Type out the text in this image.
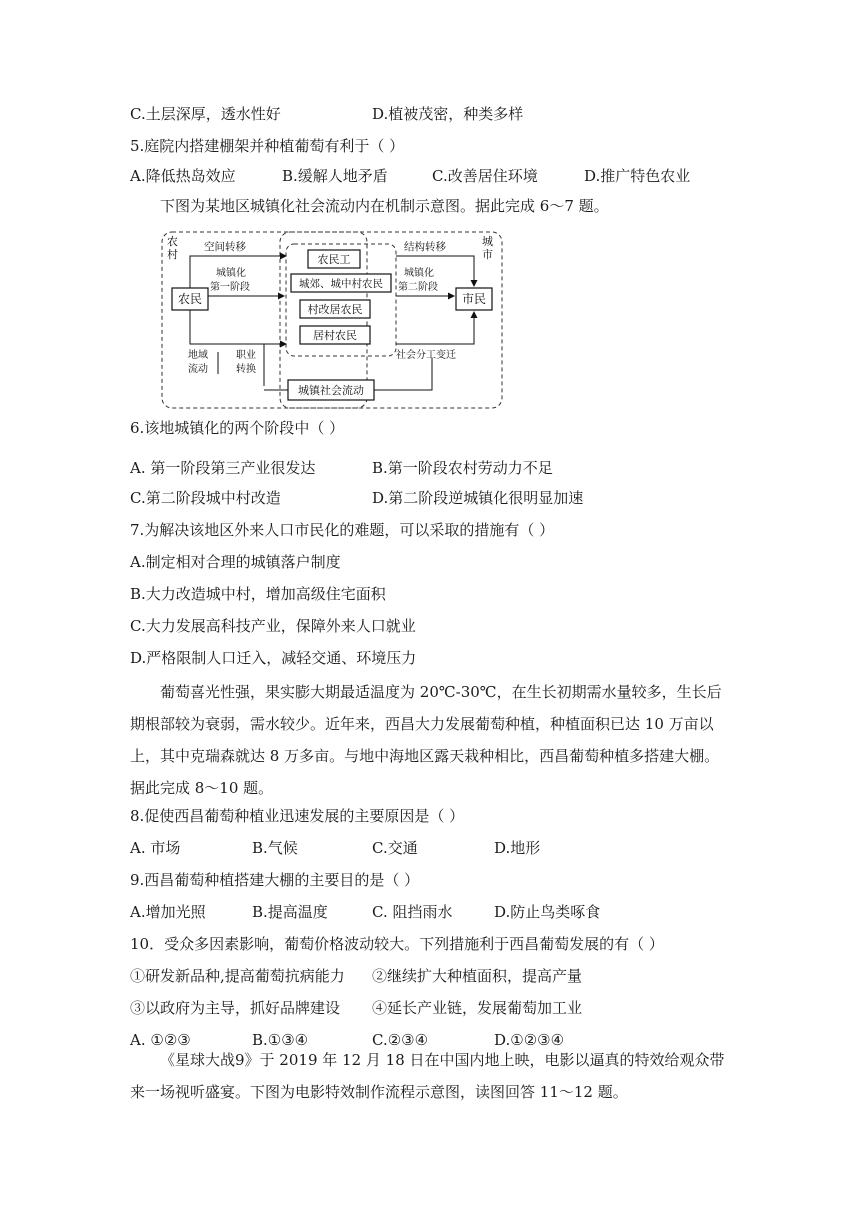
C.土层深厚，透水性好	D.植被茂密，种类多样
5.庭院内搭建棚架并种植葡萄有利于（ ）
A.降低热岛效应	B.缓解人地矛盾	C.改善居住环境	D.推广特色农业
下图为某地区城镇化社会流动内在机制示意图。据此完成 6～7 题。
农
村
城
市
农民	市民
农民工
城郊、城中村农民
村改居农民
居村农民
空间转移	结构转移
城镇化
第一阶段
城镇化
第二阶段
地域
流动
职业
转换
社会分工变迁
城镇社会流动
6.该地城镇化的两个阶段中（ ）
A. 第一阶段第三产业很发达	B.第一阶段农村劳动力不足
C.第二阶段城中村改造	D.第二阶段逆城镇化很明显加速
7.为解决该地区外来人口市民化的难题，可以采取的措施有（ ）
A.制定相对合理的城镇落户制度
B.大力改造城中村，增加高级住宅面积
C.大力发展高科技产业，保障外来人口就业
D.严格限制人口迁入，减轻交通、环境压力
葡萄喜光性强，果实膨大期最适温度为 20℃-30℃，在生长初期需水量较多，生长后期根部较为衰弱，需水较少。近年来，西昌大力发展葡萄种植，种植面积已达 10 万亩以上，其中克瑞森就达 8 万多亩。与地中海地区露天栽种相比，西昌葡萄种植多搭建大棚。据此完成 8～10 题。
8.促使西昌葡萄种植业迅速发展的主要原因是（ ）
A. 市场	B.气候	C.交通	D.地形
9.西昌葡萄种植搭建大棚的主要目的是（ ）
A.增加光照	B.提高温度	C. 阻挡雨水	D.防止鸟类啄食
10．受众多因素影响，葡萄价格波动较大。下列措施利于西昌葡萄发展的有（ ）
①研发新品种,提高葡萄抗病能力 ②继续扩大种植面积，提高产量
③以政府为主导，抓好品牌建设 ④延长产业链，发展葡萄加工业
A. ①②③	B.①③④	C.②③④	D.①②③④
《星球大战9》于 2019 年 12 月 18 日在中国内地上映，电影以逼真的特效给观众带来一场视听盛宴。下图为电影特效制作流程示意图，读图回答 11～12 题。
